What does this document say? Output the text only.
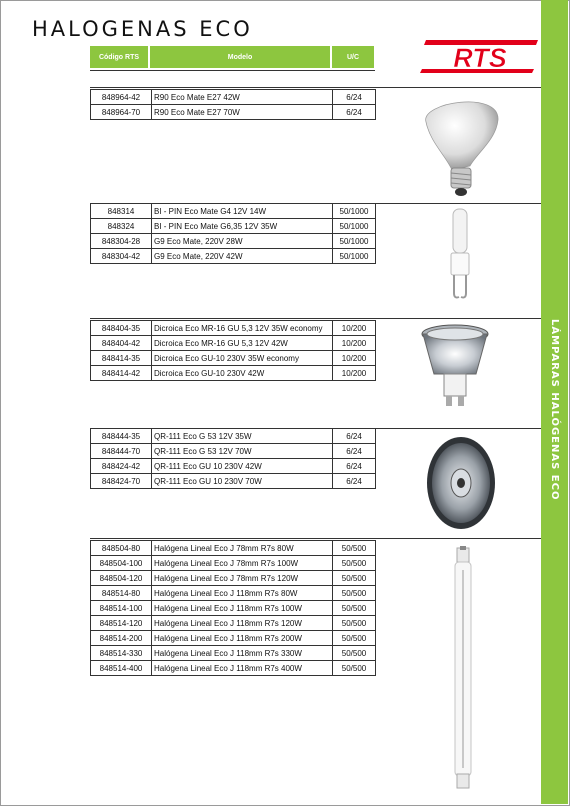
LÁMPARAS HALÓGENAS ECO
HALOGENAS ECO
RTS
Código RTS	Modelo	U/C
848964-42	R90 Eco Mate E27 42W	6/24
848964-70	R90 Eco Mate E27 70W	6/24
848314	BI - PIN Eco Mate G4 12V 14W	50/1000
848324	BI - PIN Eco Mate G6,35 12V 35W	50/1000
848304-28	G9 Eco Mate, 220V 28W	50/1000
848304-42	G9 Eco Mate, 220V 42W	50/1000
848404-35	Dicroica Eco MR-16 GU 5,3 12V 35W economy	10/200
848404-42	Dicroica Eco MR-16 GU 5,3 12V 42W	10/200
848414-35	Dicroica Eco GU-10 230V 35W economy	10/200
848414-42	Dicroica Eco GU-10 230V 42W	10/200
848444-35	QR-111 Eco G 53 12V 35W	6/24
848444-70	QR-111 Eco G 53 12V 70W	6/24
848424-42	QR-111 Eco GU 10 230V 42W	6/24
848424-70	QR-111 Eco GU 10 230V 70W	6/24
848504-80	Halógena Lineal Eco J 78mm R7s 80W	50/500
848504-100	Halógena Lineal Eco J 78mm R7s 100W	50/500
848504-120	Halógena Lineal Eco J 78mm R7s 120W	50/500
848514-80	Halógena Lineal Eco J 118mm R7s 80W	50/500
848514-100	Halógena Lineal Eco J 118mm R7s 100W	50/500
848514-120	Halógena Lineal Eco J 118mm R7s 120W	50/500
848514-200	Halógena Lineal Eco J 118mm R7s 200W	50/500
848514-330	Halógena Lineal Eco J 118mm R7s 330W	50/500
848514-400	Halógena Lineal Eco J 118mm R7s 400W	50/500
